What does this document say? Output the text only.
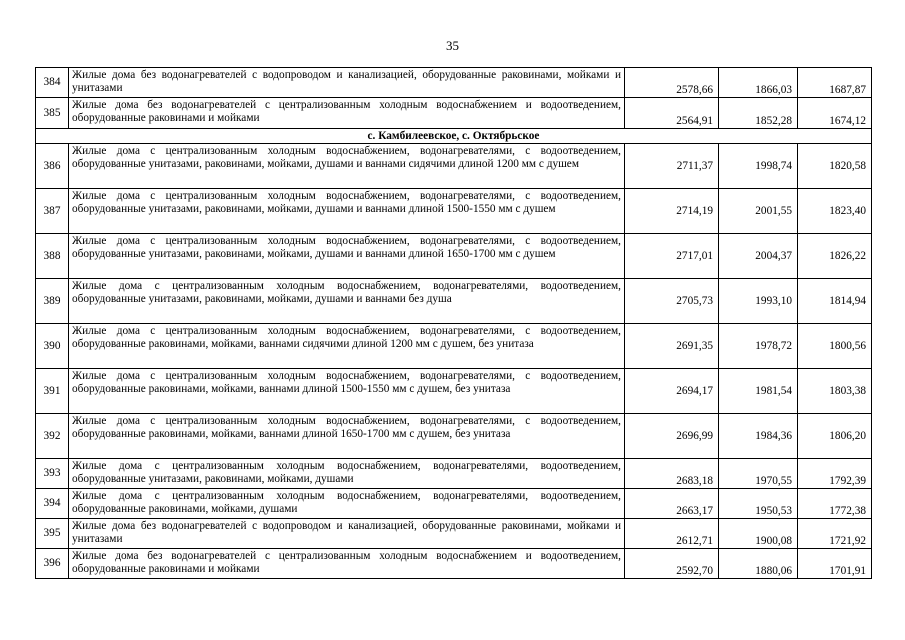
35
384	Жилые дома без водонагревателей с водопроводом и канализацией, оборудованные раковинами, мойками и унитазами	2578,66	1866,03	1687,87
385	Жилые дома без водонагревателей с централизованным холодным водоснабжением и водоотведением, оборудованные раковинами и мойками	2564,91	1852,28	1674,12
с. Камбилеевское, с. Октябрьское				
386	Жилые дома с централизованным холодным водоснабжением, водонагревателями, с водоотведением, оборудованные унитазами, раковинами, мойками, душами и ваннами сидячими длиной 1200 мм с душем	2711,37	1998,74	1820,58
387	Жилые дома с централизованным холодным водоснабжением, водонагревателями, с водоотведением, оборудованные унитазами, раковинами, мойками, душами и ваннами длиной 1500-1550 мм с душем	2714,19	2001,55	1823,40
388	Жилые дома с централизованным холодным водоснабжением, водонагревателями, с водоотведением, оборудованные унитазами, раковинами, мойками, душами и ваннами длиной 1650-1700 мм с душем	2717,01	2004,37	1826,22
389	Жилые дома с централизованным холодным водоснабжением, водонагревателями, водоотведением, оборудованные унитазами, раковинами, мойками, душами и ваннами без душа	2705,73	1993,10	1814,94
390	Жилые дома с централизованным холодным водоснабжением, водонагревателями, с водоотведением, оборудованные раковинами, мойками, ваннами сидячими длиной 1200 мм с душем, без унитаза	2691,35	1978,72	1800,56
391	Жилые дома с централизованным холодным водоснабжением, водонагревателями, с водоотведением, оборудованные раковинами, мойками, ваннами длиной 1500-1550 мм с душем, без унитаза	2694,17	1981,54	1803,38
392	Жилые дома с централизованным холодным водоснабжением, водонагревателями, с водоотведением, оборудованные раковинами, мойками, ваннами длиной 1650-1700 мм с душем, без унитаза	2696,99	1984,36	1806,20
393	Жилые дома с централизованным холодным водоснабжением, водонагревателями, водоотведением, оборудованные унитазами, раковинами, мойками, душами	2683,18	1970,55	1792,39
394	Жилые дома с централизованным холодным водоснабжением, водонагревателями, водоотведением, оборудованные раковинами, мойками, душами	2663,17	1950,53	1772,38
395	Жилые дома без водонагревателей с водопроводом и канализацией, оборудованные раковинами, мойками и унитазами	2612,71	1900,08	1721,92
396	Жилые дома без водонагревателей с централизованным холодным водоснабжением и водоотведением, оборудованные раковинами и мойками	2592,70	1880,06	1701,91
